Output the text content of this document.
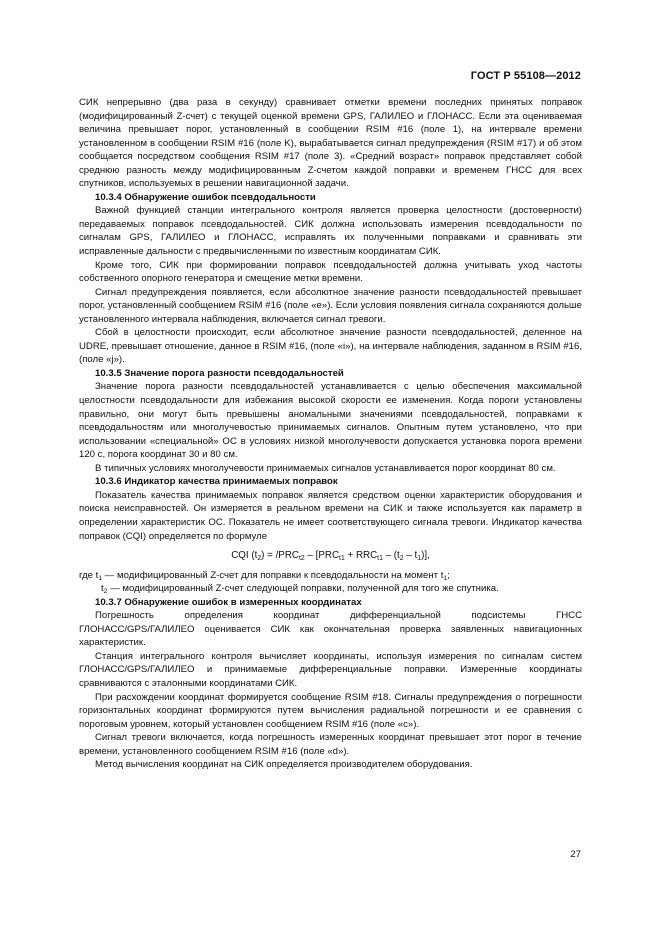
ГОСТ Р 55108—2012

СИК непрерывно (два раза в секунду) сравнивает отметки времени последних принятых поправок (модифицированный Z-счет) с текущей оценкой времени GPS, ГАЛИЛЕО и ГЛОНАСС. Если эта оцениваемая величина превышает порог, установленный в сообщении RSIM #16 (поле 1), на интервале времени установленном в сообщении RSIM #16 (поле K), вырабатывается сигнал предупреждения (RSIM #17) и об этом сообщается посредством сообщения RSIM #17 (поле 3). «Средний возраст» поправок представляет собой среднюю разность между модифицированным Z-счетом каждой поправки и временем ГНСС для всех спутников, используемых в решении навигационной задачи.

10.3.4 Обнаружение ошибок псевдодальности

Важной функцией станции интегрального контроля является проверка целостности (достоверности) передаваемых поправок псевдодальностей. СИК должна использовать измерения псевдодальности по сигналам GPS, ГАЛИЛЕО и ГЛОНАСС, исправлять их полученными поправками и сравнивать эти исправленные дальности с предвычисленными по известным координатам СИК.

Кроме того, СИК при формировании поправок псевдодальностей должна учитывать уход частоты собственного опорного генератора и смещение метки времени.

Сигнал предупреждения появляется, если абсолютное значение разности псевдодальностей превышает порог, установленный сообщением RSIM #16 (поле «е»). Если условия появления сигнала сохраняются дольше установленного интервала наблюдения, включается сигнал тревоги.

Сбой в целостности происходит, если абсолютное значение разности псевдодальностей, деленное на UDRE, превышает отношение, данное в RSIM #16, (поле «i»), на интервале наблюдения, заданном в RSIM #16, (поле «j»).

10.3.5 Значение порога разности псевдодальностей

Значение порога разности псевдодальностей устанавливается с целью обеспечения максимальной целостности псевдодальности для избежания высокой скорости ее изменения. Когда пороги установлены правильно, они могут быть превышены аномальными значениями псевдодальностей, поправками к псевдодальностям или многолучевостью принимаемых сигналов. Опытным путем установлено, что при использовании «специальной» ОС в условиях низкой многолучевости допускается установка порога времени 120 с, порога координат 30 и 80 см.

В типичных условиях многолучевости принимаемых сигналов устанавливается порог координат 80 см.

10.3.6 Индикатор качества принимаемых поправок

Показатель качества принимаемых поправок является средством оценки характеристик оборудования и поиска неисправностей. Он измеряется в реальном времени на СИК и также используется как параметр в определении характеристик ОС. Показатель не имеет соответствующего сигнала тревоги. Индикатор качества поправок (CQI) определяется по формуле

CQI $(t_2) = /PRC_{t2} - [PRC_{t1} + RRC_{t1} - (t_2 - t_1)]$,

где $t_1$ — модифицированный Z-счет для поправки к псевдодальности на момент $t_1$;

$t_2$ — модифицированный Z-счет следующей поправки, полученной для того же спутника.

10.3.7 Обнаружение ошибок в измеренных координатах

Погрешность определения координат дифференциальной подсистемы ГНСС

ГЛОНАСС/GPS/ГАЛИЛЕО оценивается СИК как окончательная проверка заявленных навигационных характеристик.

Станция интегрального контроля вычисляет координаты, используя измерения по сигналам систем ГЛОНАСС/GPS/ГАЛИЛЕО и принимаемые дифференциальные поправки. Измеренные координаты сравниваются с эталонными координатами СИК.

При расхождении координат формируется сообщение RSIM #18. Сигналы предупреждения о погрешности горизонтальных координат формируются путем вычисления радиальной погрешности и ее сравнения с пороговым уровнем, который установлен сообщением RSIM #16 (поле «с»).

Сигнал тревоги включается, когда погрешность измеренных координат превышает этот порог в течение времени, установленного сообщением RSIM #16 (поле «d»).

Метод вычисления координат на СИК определяется производителем оборудования.

27
